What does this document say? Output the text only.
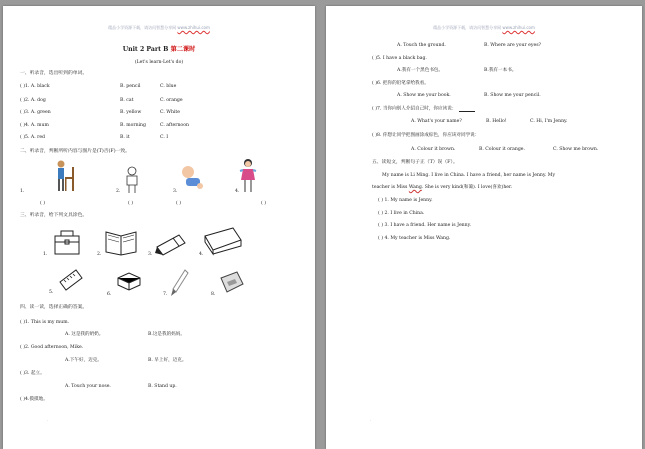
精品小学资源下载，请访问智慧分享网 www.zhihui.com
Unit 2 Part B 第二课时
(Let's learn-Let's do)
一、听录音，选出听到的单词。
( )1. A. black	B. pencil	C. blue
( )2. A. dog	B. cat	C. orange
( )3. A. green	B. yellow	C. White
( )4. A. mum	B. morning	C. afternoon
( )5. A. red	B. it	C. I
二、听录音，判断所听内容与图片是(T)否(F)一致。
1.	2.	3.	4.
( )	( )	( )	( )
三、听录音，给下列文具涂色。
1.	2.	3.	4.
5.	6.	7.	8.
四、读一读，选择正确的答案。
( )1. This is my mum.
A. 这是我的奶奶。	B.这是我的妈妈。
( )2. Good afternoon, Mike.
A.下午好，迈克。	B. 早上好，迈克。
( )3. 起立。
A. Touch your nose.	B. Stand up.
( )4.摸摸地。
·
精品小学资源下载，请访问智慧分享网 www.zhihui.com
A. Touch the ground.	B. Where are your eyes?
( )5. I have a black bag.
A.我有一个黑色书包。	B.我有一本书。
( )6. 把你的铅笔拿给我看。
A. Show me your book.	B. Show me your pencil.
( )7. 当你向别人介绍自己时，你应该说：
A. What's your name?	B. Hello!	C. Hi, I'm Jenny.
( )8. 你想让同学把图画涂成棕色，你应该对同学说：
A. Colour it brown.	B. Colour it orange.	C. Show me brown.
五、读短文，判断句子正（T）误（F）。
My name is Li Ming. I live in China. I have a friend, her name is Jenny. My
teacher is Miss Wang. She is very kind(和蔼). I love(喜欢)her.
( ) 1. My name is Jenny.
( ) 2. I live in China.
( ) 3. I have a friend. Her name is Jenny.
( ) 4. My teacher is Miss Wang.
·
